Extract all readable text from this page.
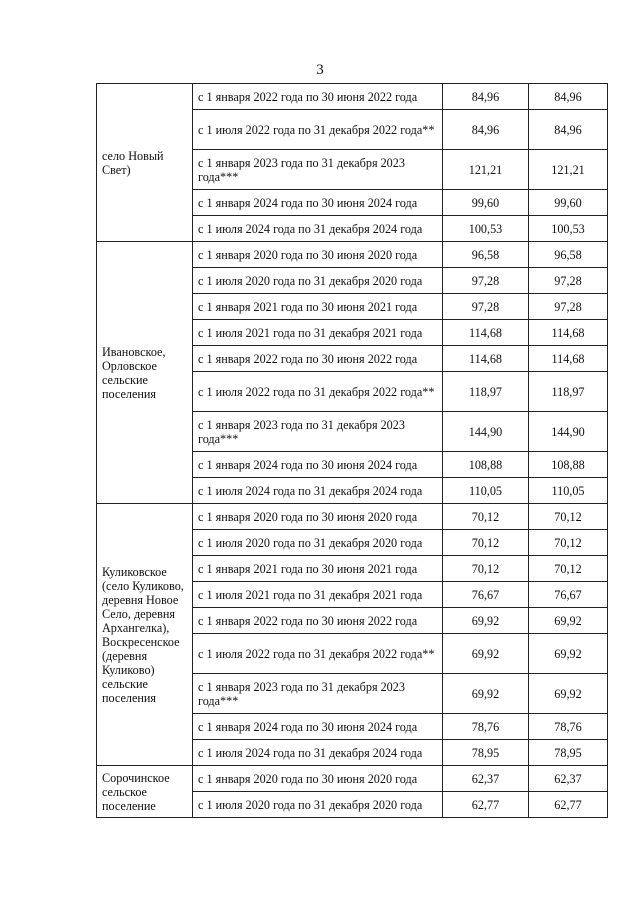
3
село Новый Свет)	с 1 января 2022 года по 30 июня 2022 года	84,96	84,96
	с 1 июля 2022 года по 31 декабря 2022 года**	84,96	84,96
	с 1 января 2023 года по 31 декабря 2023 года***	121,21	121,21
	с 1 января 2024 года по 30 июня 2024 года	99,60	99,60
	с 1 июля 2024 года по 31 декабря 2024 года	100,53	100,53
Ивановское, Орловское сельские поселения	с 1 января 2020 года по 30 июня 2020 года	96,58	96,58
	с 1 июля 2020 года по 31 декабря 2020 года	97,28	97,28
	с 1 января 2021 года по 30 июня 2021 года	97,28	97,28
	с 1 июля 2021 года по 31 декабря 2021 года	114,68	114,68
	с 1 января 2022 года по 30 июня 2022 года	114,68	114,68
	с 1 июля 2022 года по 31 декабря 2022 года**	118,97	118,97
	с 1 января 2023 года по 31 декабря 2023 года***	144,90	144,90
	с 1 января 2024 года по 30 июня 2024 года	108,88	108,88
	с 1 июля 2024 года по 31 декабря 2024 года	110,05	110,05
Куликовское (село Куликово, деревня Новое Село, деревня Архангелка), Воскресенское (деревня Куликово) сельские поселения	с 1 января 2020 года по 30 июня 2020 года	70,12	70,12
	с 1 июля 2020 года по 31 декабря 2020 года	70,12	70,12
	с 1 января 2021 года по 30 июня 2021 года	70,12	70,12
	с 1 июля 2021 года по 31 декабря 2021 года	76,67	76,67
	с 1 января 2022 года по 30 июня 2022 года	69,92	69,92
	с 1 июля 2022 года по 31 декабря 2022 года**	69,92	69,92
	с 1 января 2023 года по 31 декабря 2023 года***	69,92	69,92
	с 1 января 2024 года по 30 июня 2024 года	78,76	78,76
	с 1 июля 2024 года по 31 декабря 2024 года	78,95	78,95
Сорочинское сельское поселение	с 1 января 2020 года по 30 июня 2020 года	62,37	62,37
	с 1 июля 2020 года по 31 декабря 2020 года	62,77	62,77
